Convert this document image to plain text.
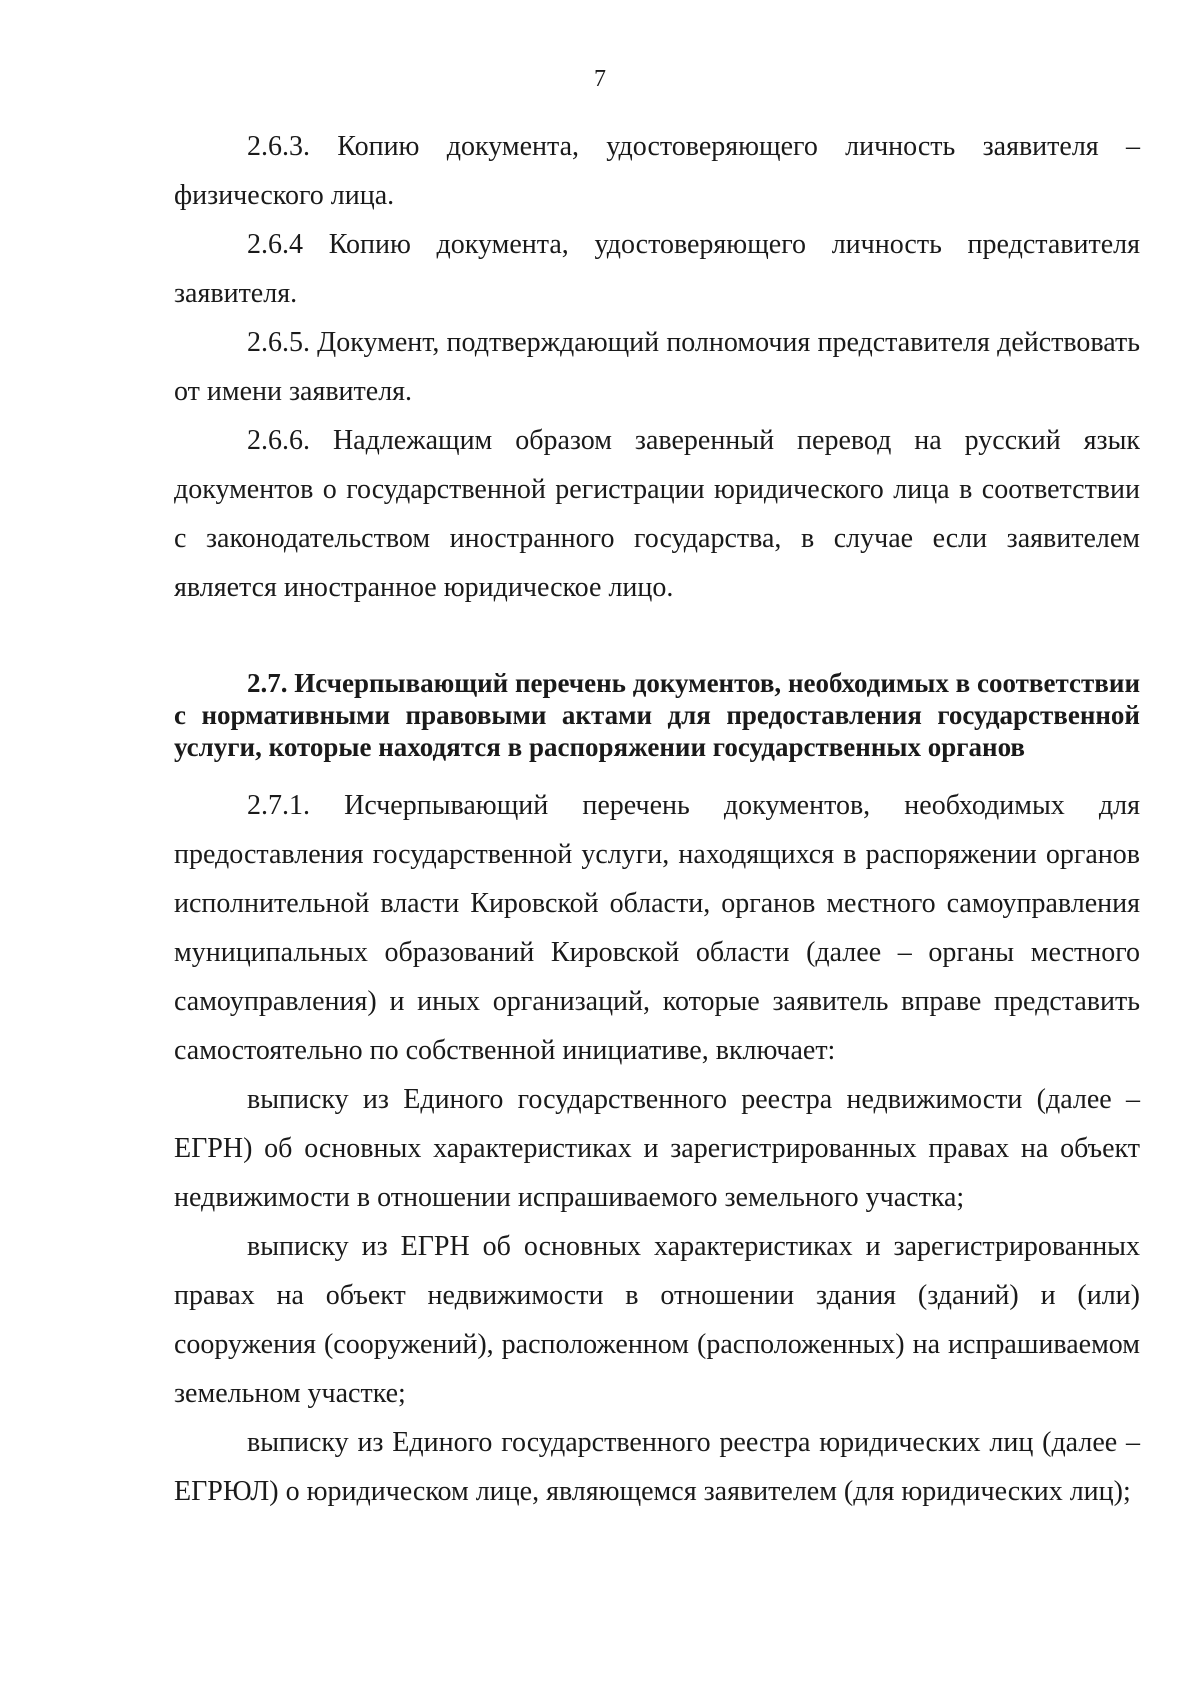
7

2.6.3. Копию документа, удостоверяющего личность заявителя – физического лица.

2.6.4 Копию документа, удостоверяющего личность представителя заявителя.

2.6.5. Документ, подтверждающий полномочия представителя действовать от имени заявителя.

2.6.6. Надлежащим образом заверенный перевод на русский язык документов о государственной регистрации юридического лица в соответствии с законодательством иностранного государства, в случае если заявителем является иностранное юридическое лицо.

2.7. Исчерпывающий перечень документов, необходимых в соответствии с нормативными правовыми актами для предоставления государственной услуги, которые находятся в распоряжении государственных органов

2.7.1. Исчерпывающий перечень документов, необходимых для предоставления государственной услуги, находящихся в распоряжении органов исполнительной власти Кировской области, органов местного самоуправления муниципальных образований Кировской области (далее – органы местного самоуправления) и иных организаций, которые заявитель вправе представить самостоятельно по собственной инициативе, включает:

выписку из Единого государственного реестра недвижимости (далее – ЕГРН) об основных характеристиках и зарегистрированных правах на объект недвижимости в отношении испрашиваемого земельного участка;

выписку из ЕГРН об основных характеристиках и зарегистрированных правах на объект недвижимости в отношении здания (зданий) и (или) сооружения (сооружений), расположенном (расположенных) на испрашиваемом земельном участке;

выписку из Единого государственного реестра юридических лиц (далее – ЕГРЮЛ) о юридическом лице, являющемся заявителем (для юридических лиц);
